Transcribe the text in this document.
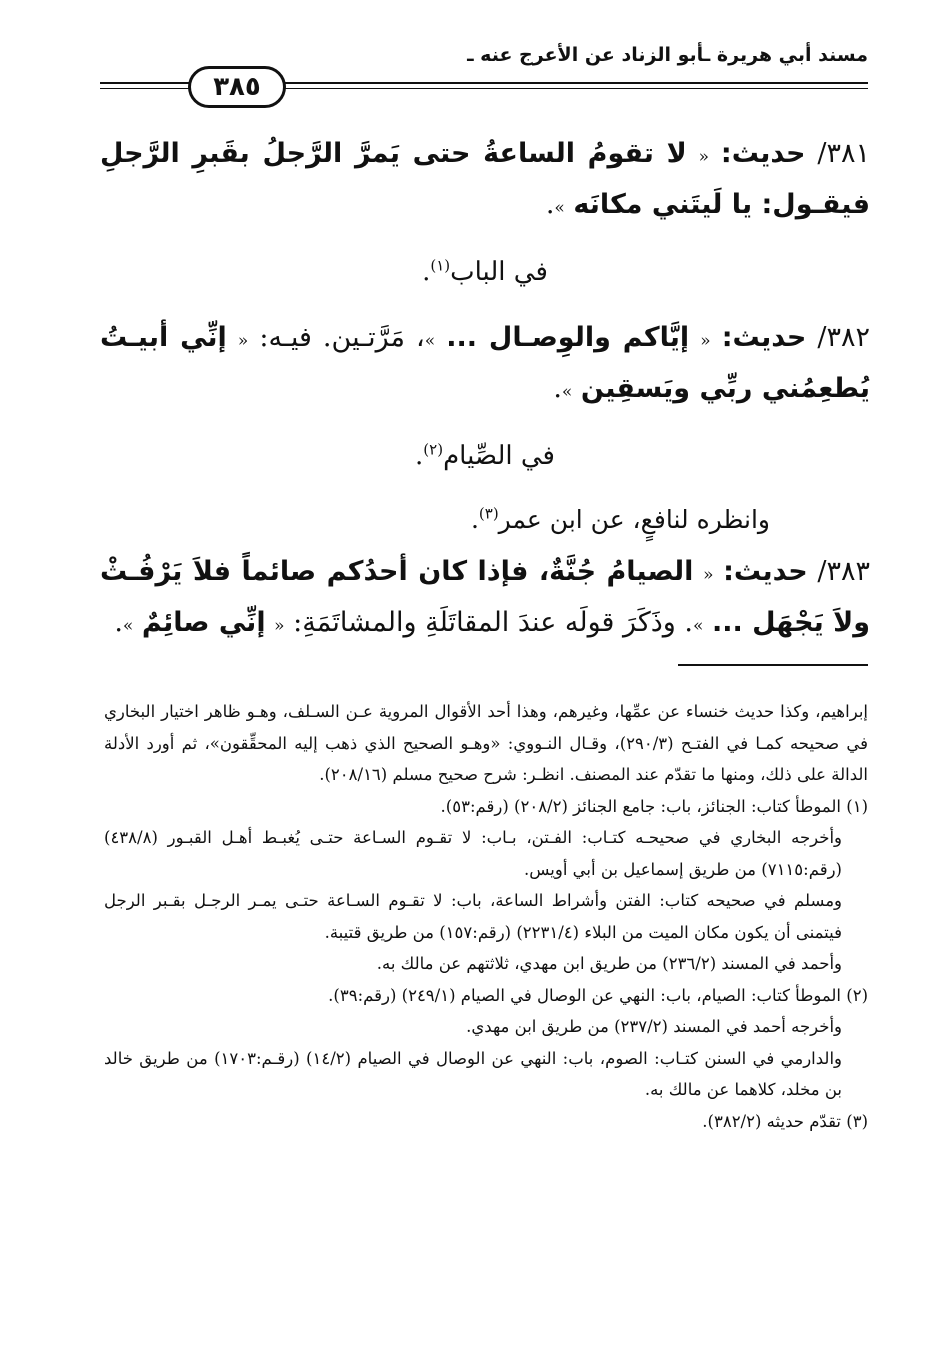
مسند أبي هريرة ـأبو الزناد عن الأعرج عنه ـ
٣٨٥
٣٨١/ حديث: « لا تقومُ الساعةُ حتى يَمرَّ الرَّجلُ بقَبرِ الرَّجلِ فيقـول: يا لَيتَني مكانَه ».
في الباب$^{(١)}$.
٣٨٢/ حديث: « إيَّاكم والوِصـال ... »، مَرَّتـين. فيـه: « إنِّي أبيـتُ يُطعِمُني ربِّي ويَسقِين ».
في الصِّيام$^{(٢)}$.
وانظره لنافعٍ، عن ابن عمر$^{(٣)}$.
٣٨٣/ حديث: « الصيامُ جُنَّةٌ، فإذا كان أحدُكم صائماً فلاَ يَرْفُـثْ ولاَ يَجْهَل ... ». وذَكَرَ قولَه عندَ المقاتَلَةِ والمشاتَمَةِ: « إنِّي صائِمٌ ».

إبراهيم، وكذا حديث خنساء عن عمِّها، وغيرهم، وهذا أحد الأقوال المروية عـن السـلف، وهـو ظاهر اختيار البخاري في صحيحه كمـا في الفتـح (٢٩٠/٣)، وقـال النـووي: «وهـو الصحيح الذي ذهب إليه المحقِّقون»، ثم أورد الأدلة الدالة على ذلك، ومنها ما تقدّم عند المصنف. انظـر: شرح صحيح مسلم (٢٠٨/١٦).

(١) الموطأ كتاب: الجنائز، باب: جامع الجنائز (٢٠٨/٢) (رقم:٥٣).

وأخرجه البخاري في صحيحـه كتـاب: الفـتن، بـاب: لا تقـوم السـاعة حتـى يُغبـط أهـل القبـور (٤٣٨/٨) (رقم:٧١١٥) من طريق إسماعيل بن أبي أويس.

ومسلم في صحيحه كتاب: الفتن وأشراط الساعة، باب: لا تقـوم السـاعة حتـى يمـر الرجـل بقـبر الرجل فيتمنى أن يكون مكان الميت من البلاء (٢٢٣١/٤) (رقم:١٥٧) من طريق قتيبة.

وأحمد في المسند (٢٣٦/٢) من طريق ابن مهدي، ثلاثتهم عن مالك به.

(٢) الموطأ كتاب: الصيام، باب: النهي عن الوصال في الصيام (٢٤٩/١) (رقم:٣٩).

وأخرجه أحمد في المسند (٢٣٧/٢) من طريق ابن مهدي.

والدارمي في السنن كتـاب: الصوم، باب: النهي عن الوصال في الصيام (١٤/٢) (رقـم:١٧٠٣) من طريق خالد بن مخلد، كلاهما عن مالك به.

(٣) تقدّم حديثه (٣٨٢/٢).
